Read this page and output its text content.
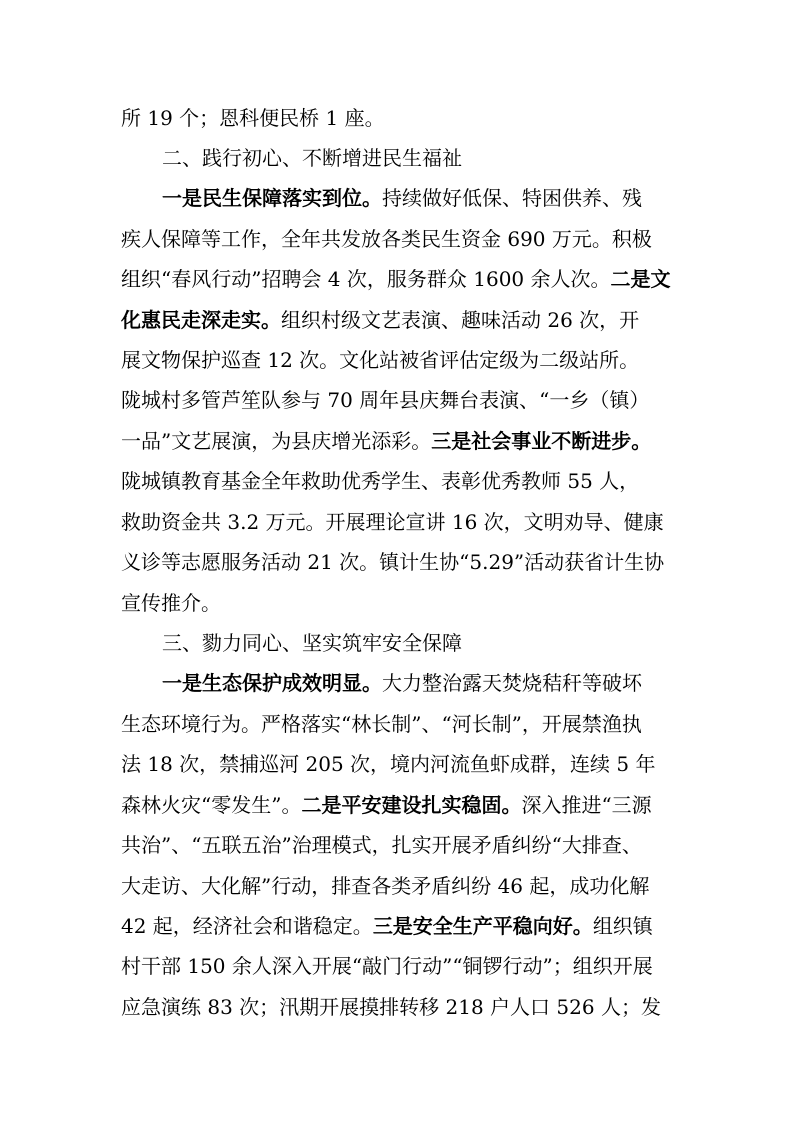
所 19 个；恩科便民桥 1 座。
二、践行初心、不断增进民生福祉
一是民生保障落实到位。持续做好低保、特困供养、残
疾人保障等工作，全年共发放各类民生资金 690 万元。积极
组织“春风行动”招聘会 4 次，服务群众 1600 余人次。二是文
化惠民走深走实。组织村级文艺表演、趣味活动 26 次，开
展文物保护巡查 12 次。文化站被省评估定级为二级站所。
陇城村多管芦笙队参与 70 周年县庆舞台表演、“一乡（镇）
一品”文艺展演，为县庆增光添彩。三是社会事业不断进步。
陇城镇教育基金全年救助优秀学生、表彰优秀教师 55 人，
救助资金共 3.2 万元。开展理论宣讲 16 次，文明劝导、健康
义诊等志愿服务活动 21 次。镇计生协“5.29”活动获省计生协
宣传推介。
三、勠力同心、坚实筑牢安全保障
一是生态保护成效明显。大力整治露天焚烧秸秆等破坏
生态环境行为。严格落实“林长制”、“河长制”，开展禁渔执
法 18 次，禁捕巡河 205 次，境内河流鱼虾成群，连续 5 年
森林火灾“零发生”。二是平安建设扎实稳固。深入推进“三源
共治”、“五联五治”治理模式，扎实开展矛盾纠纷“大排查、
大走访、大化解”行动，排查各类矛盾纠纷 46 起，成功化解
42 起，经济社会和谐稳定。三是安全生产平稳向好。组织镇
村干部 150 余人深入开展“敲门行动”“铜锣行动”；组织开展
应急演练 83 次；汛期开展摸排转移 218 户人口 526 人；发
